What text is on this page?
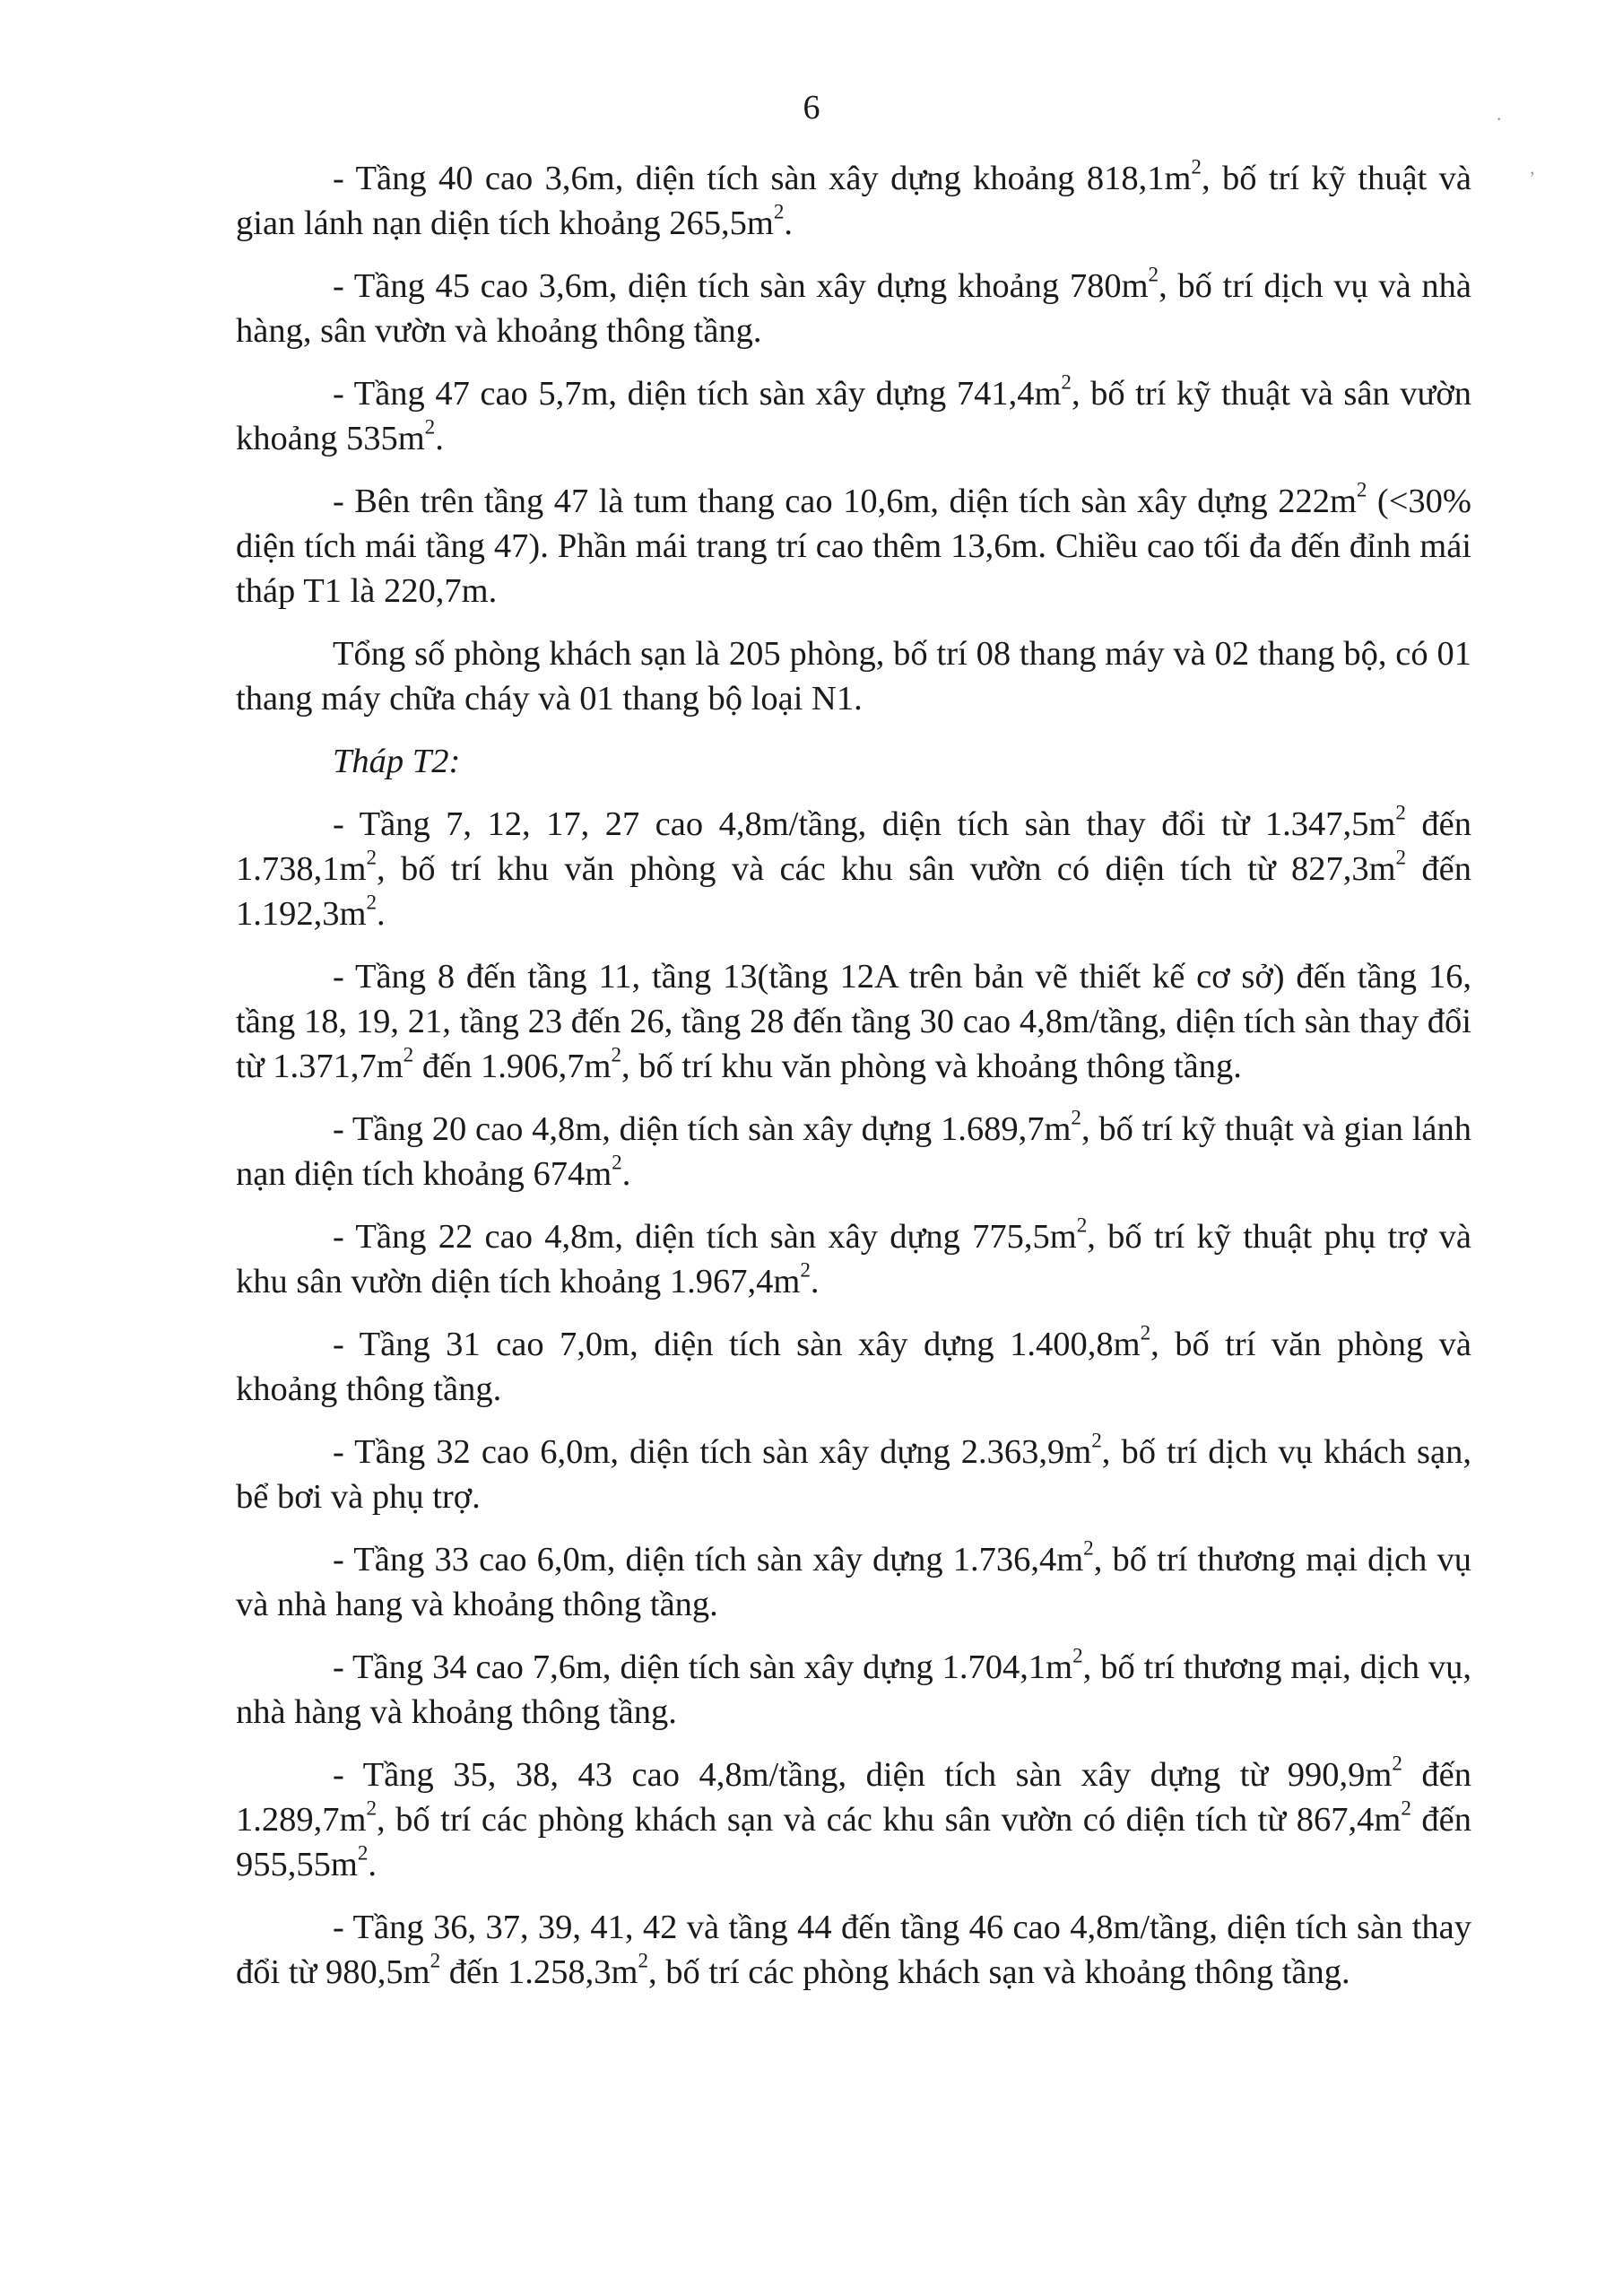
6
’
·

- Tầng 40 cao 3,6m, diện tích sàn xây dựng khoảng $818,1m^2$, bố trí kỹ thuật và gian lánh nạn diện tích khoảng $265,5m^2$.

- Tầng 45 cao 3,6m, diện tích sàn xây dựng khoảng $780m^2$, bố trí dịch vụ và nhà hàng, sân vườn và khoảng thông tầng.

- Tầng 47 cao 5,7m, diện tích sàn xây dựng $741,4m^2$, bố trí kỹ thuật và sân vườn khoảng $535m^2$.

- Bên trên tầng 47 là tum thang cao 10,6m, diện tích sàn xây dựng $222m^2$ (<30% diện tích mái tầng 47). Phần mái trang trí cao thêm 13,6m. Chiều cao tối đa đến đỉnh mái tháp T1 là 220,7m.

Tổng số phòng khách sạn là 205 phòng, bố trí 08 thang máy và 02 thang bộ, có 01 thang máy chữa cháy và 01 thang bộ loại N1.

Tháp T2:

- Tầng 7, 12, 17, 27 cao 4,8m/tầng, diện tích sàn thay đổi từ $1.347,5m^2$ đến $1.738,1m^2$, bố trí khu văn phòng và các khu sân vườn có diện tích từ $827,3m^2$ đến $1.192,3m^2$.

- Tầng 8 đến tầng 11, tầng 13(tầng 12A trên bản vẽ thiết kế cơ sở) đến tầng 16, tầng 18, 19, 21, tầng 23 đến 26, tầng 28 đến tầng 30 cao 4,8m/tầng, diện tích sàn thay đổi từ $1.371,7m^2$ đến $1.906,7m^2$, bố trí khu văn phòng và khoảng thông tầng.

- Tầng 20 cao 4,8m, diện tích sàn xây dựng $1.689,7m^2$, bố trí kỹ thuật và gian lánh nạn diện tích khoảng $674m^2$.

- Tầng 22 cao 4,8m, diện tích sàn xây dựng $775,5m^2$, bố trí kỹ thuật phụ trợ và khu sân vườn diện tích khoảng $1.967,4m^2$.

- Tầng 31 cao 7,0m, diện tích sàn xây dựng $1.400,8m^2$, bố trí văn phòng và khoảng thông tầng.

- Tầng 32 cao 6,0m, diện tích sàn xây dựng $2.363,9m^2$, bố trí dịch vụ khách sạn, bể bơi và phụ trợ.

- Tầng 33 cao 6,0m, diện tích sàn xây dựng $1.736,4m^2$, bố trí thương mại dịch vụ và nhà hang và khoảng thông tầng.

- Tầng 34 cao 7,6m, diện tích sàn xây dựng $1.704,1m^2$, bố trí thương mại, dịch vụ, nhà hàng và khoảng thông tầng.

- Tầng 35, 38, 43 cao 4,8m/tầng, diện tích sàn xây dựng từ $990,9m^2$ đến $1.289,7m^2$, bố trí các phòng khách sạn và các khu sân vườn có diện tích từ $867,4m^2$ đến $955,55m^2$.

- Tầng 36, 37, 39, 41, 42 và tầng 44 đến tầng 46 cao 4,8m/tầng, diện tích sàn thay đổi từ $980,5m^2$ đến $1.258,3m^2$, bố trí các phòng khách sạn và khoảng thông tầng.
